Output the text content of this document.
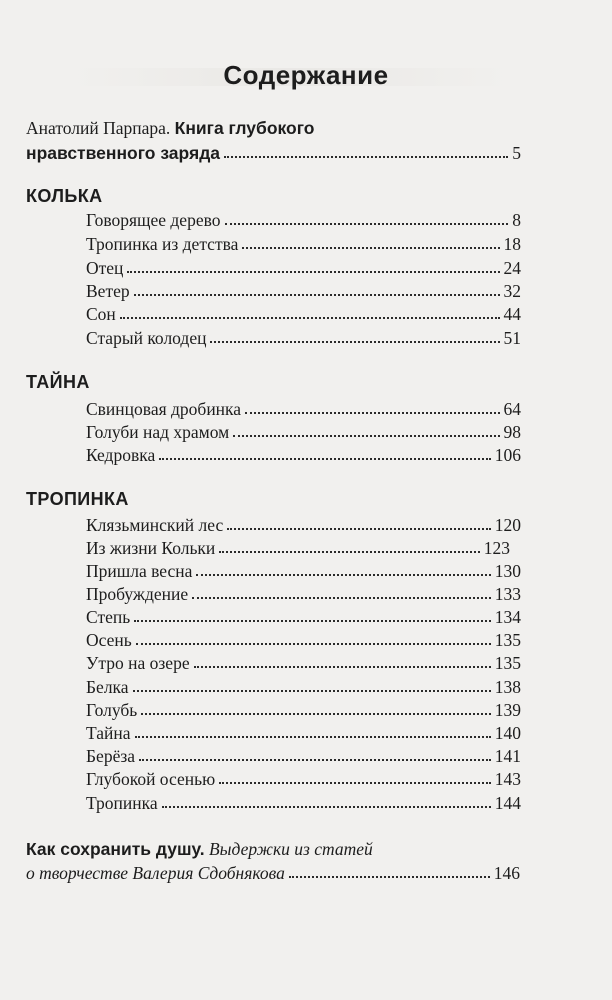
Содержание
Анатолий Парпара. Книга глубокого
нравственного заряда	5
КОЛЬКА
Говорящее дерево	8
Тропинка из детства	18
Отец	24
Ветер	32
Сон	44
Старый колодец	51
ТАЙНА
Свинцовая дробинка	64
Голуби над храмом	98
Кедровка	106
ТРОПИНКА
Клязьминский лес	120
Из жизни Кольки	123
Пришла весна	130
Пробуждение	133
Степь	134
Осень	135
Утро на озере	135
Белка	138
Голубь	139
Тайна	140
Берёза	141
Глубокой осенью	143
Тропинка	144
Как сохранить душу. Выдержки из статей
о творчестве Валерия Сдобнякова	146
